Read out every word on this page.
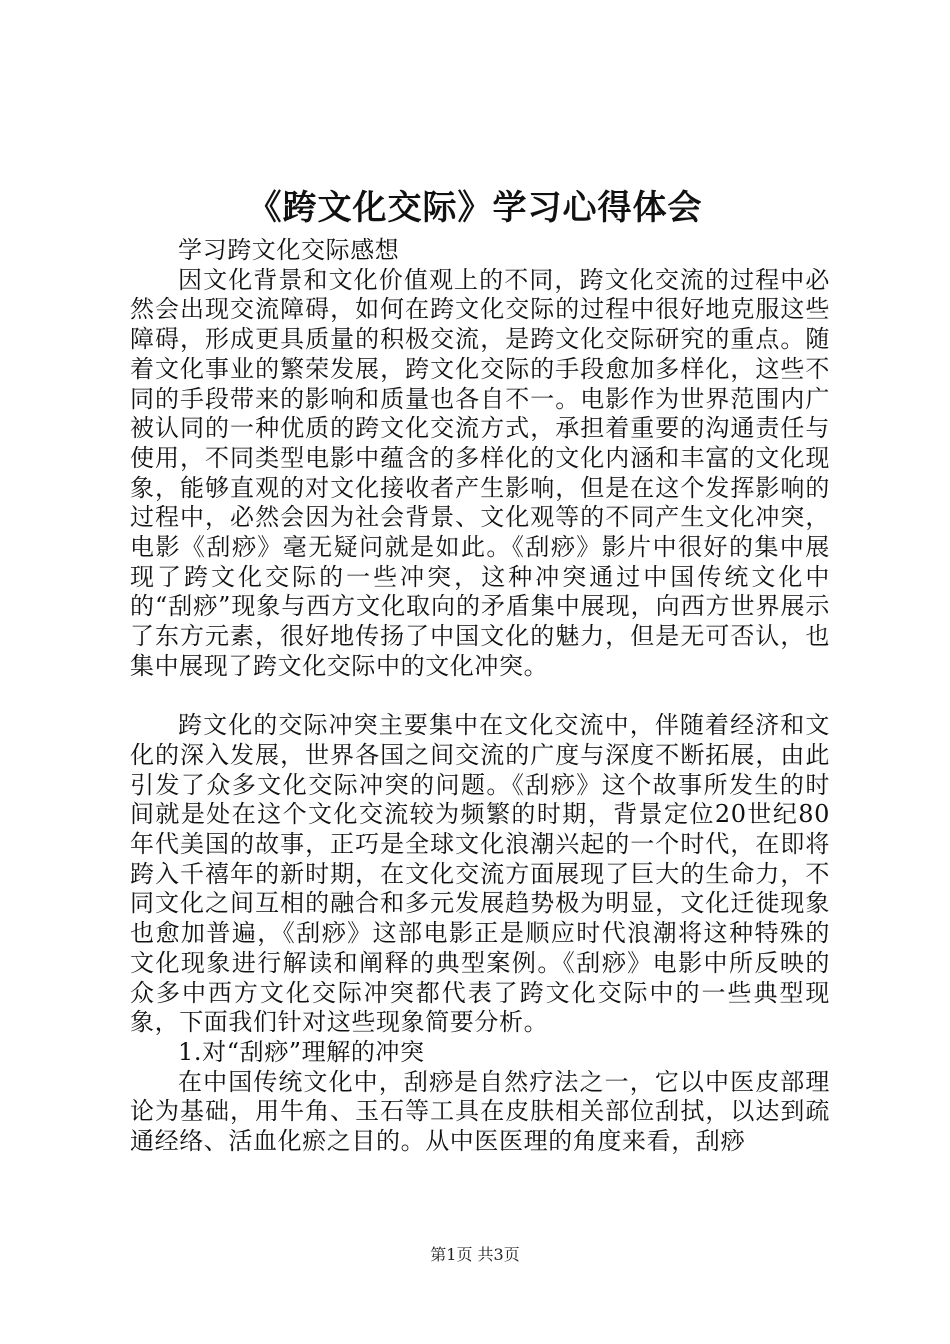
《跨文化交际》学习心得体会

学习跨文化交际感想

因文化背景和文化价值观上的不同，跨文化交流的过程中必然会出现交流障碍，如何在跨文化交际的过程中很好地克服这些障碍，形成更具质量的积极交流，是跨文化交际研究的重点。随着文化事业的繁荣发展，跨文化交际的手段愈加多样化，这些不同的手段带来的影响和质量也各自不一。电影作为世界范围内广被认同的一种优质的跨文化交流方式，承担着重要的沟通责任与使用，不同类型电影中蕴含的多样化的文化内涵和丰富的文化现象，能够直观的对文化接收者产生影响，但是在这个发挥影响的过程中，必然会因为社会背景、文化观等的不同产生文化冲突，电影《刮痧》毫无疑问就是如此。《刮痧》影片中很好的集中展现了跨文化交际的一些冲突，这种冲突通过中国传统文化中的“刮痧”现象与西方文化取向的矛盾集中展现，向西方世界展示了东方元素，很好地传扬了中国文化的魅力，但是无可否认，也集中展现了跨文化交际中的文化冲突。

跨文化的交际冲突主要集中在文化交流中，伴随着经济和文化的深入发展，世界各国之间交流的广度与深度不断拓展，由此引发了众多文化交际冲突的问题。《刮痧》这个故事所发生的时间就是处在这个文化交流较为频繁的时期，背景定位20世纪80年代美国的故事，正巧是全球文化浪潮兴起的一个时代，在即将跨入千禧年的新时期，在文化交流方面展现了巨大的生命力，不同文化之间互相的融合和多元发展趋势极为明显，文化迁徙现象也愈加普遍，《刮痧》这部电影正是顺应时代浪潮将这种特殊的文化现象进行解读和阐释的典型案例。《刮痧》电影中所反映的众多中西方文化交际冲突都代表了跨文化交际中的一些典型现象，下面我们针对这些现象简要分析。

1.对“刮痧”理解的冲突

在中国传统文化中，刮痧是自然疗法之一，它以中医皮部理论为基础，用牛角、玉石等工具在皮肤相关部位刮拭，以达到疏通经络、活血化瘀之目的。从中医医理的角度来看，刮痧

第1页 共3页
